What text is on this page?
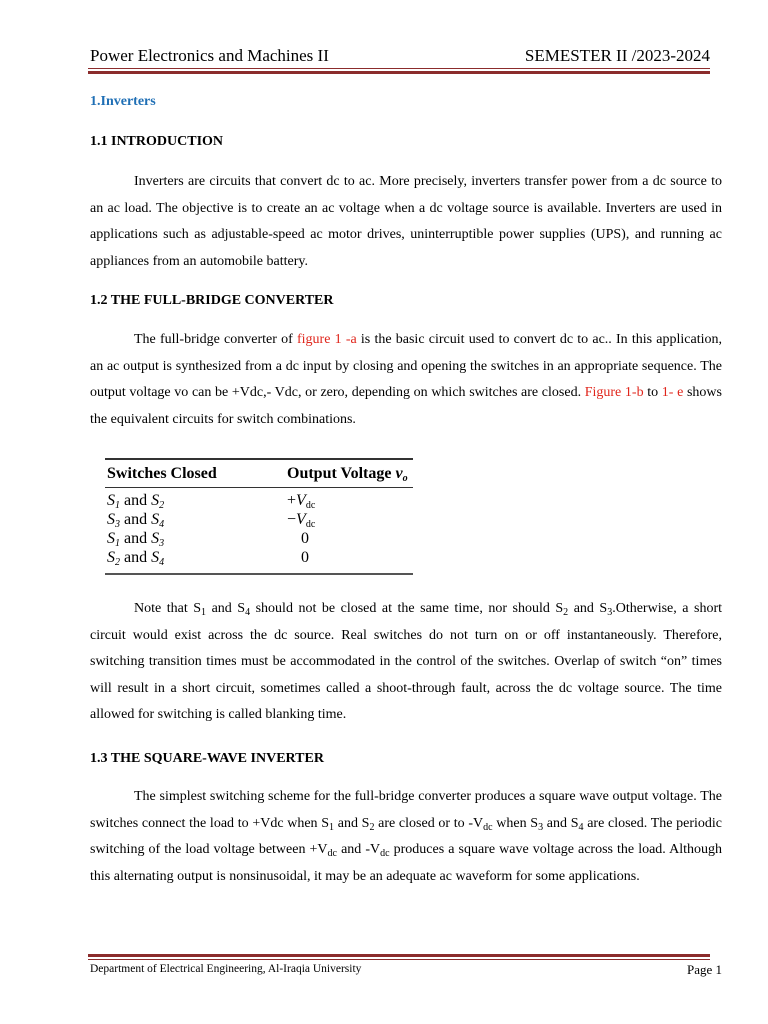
Power Electronics and Machines II	SEMESTER II /2023-2024
1.Inverters
1.1 INTRODUCTION
Inverters are circuits that convert dc to ac. More precisely, inverters transfer power from a dc source to an ac load. The objective is to create an ac voltage when a dc voltage source is available. Inverters are used in applications such as adjustable-speed ac motor drives, uninterruptible power supplies (UPS), and running ac appliances from an automobile battery.
1.2 THE FULL-BRIDGE CONVERTER
The full-bridge converter of figure 1 -a is the basic circuit used to convert dc to ac.. In this application, an ac output is synthesized from a dc input by closing and opening the switches in an appropriate sequence. The output voltage vo can be +Vdc,- Vdc, or zero, depending on which switches are closed. Figure 1-b to 1- e shows the equivalent circuits for switch combinations.
Switches Closed	Output Voltage $v_o$
$S_1$ and $S_2$	$+V_{dc}$
$S_3$ and $S_4$	$-V_{dc}$
$S_1$ and $S_3$	0
$S_2$ and $S_4$	0
Note that $S_1$ and $S_4$ should not be closed at the same time, nor should $S_2$ and $S_3.Otherwise$, a short circuit would exist across the dc source. Real switches do not turn on or off instantaneously. Therefore, switching transition times must be accommodated in the control of the switches. Overlap of switch “on” times will result in a short circuit, sometimes called a shoot-through fault, across the dc voltage source. The time allowed for switching is called blanking time.
1.3 THE SQUARE-WAVE INVERTER
The simplest switching scheme for the full-bridge converter produces a square wave output voltage. The switches connect the load to +Vdc when $S_1$ and $S_2$ are closed or to $-V_{dc}$ when $S_3$ and $S_4$ are closed. The periodic switching of the load voltage between $+V_{dc}$ and $-V_{dc}$ produces a square wave voltage across the load. Although this alternating output is nonsinusoidal, it may be an adequate ac waveform for some applications.
Department of Electrical Engineering, Al-Iraqia University	Page 1
